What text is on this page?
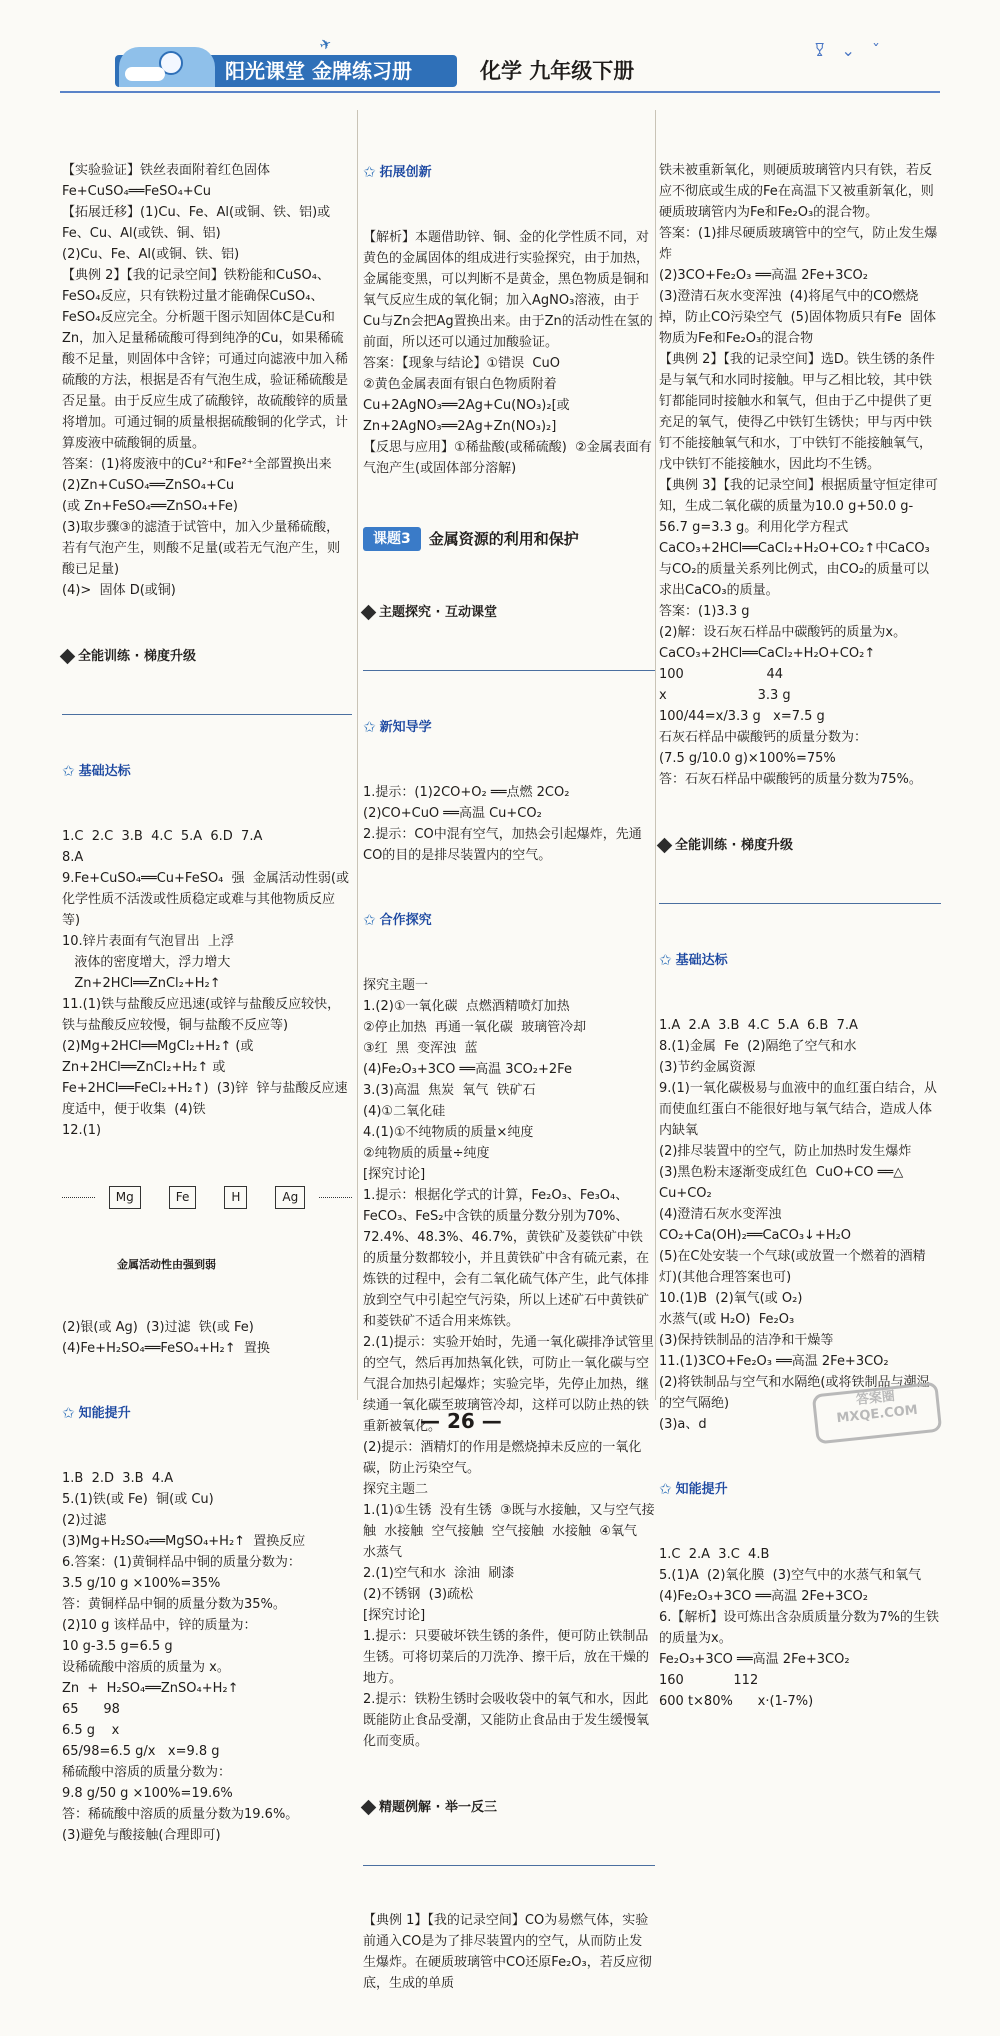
阳光课堂 金牌练习册
✈
化学 九年级下册
𐃯 ⌄ ˇ

【实验验证】铁丝表面附着红色固体
Fe+CuSO₄══FeSO₄+Cu
【拓展迁移】(1)Cu、Fe、Al(或铜、铁、铝)或 Fe、Cu、Al(或铁、铜、铝)
(2)Cu、Fe、Al(或铜、铁、铝)
【典例 2】【我的记录空间】铁粉能和CuSO₄、FeSO₄反应，只有铁粉过量才能确保CuSO₄、FeSO₄反应完全。分析题干图示知固体C是Cu和Zn，加入足量稀硫酸可得到纯净的Cu，如果稀硫酸不足量，则固体中含锌；可通过向滤液中加入稀硫酸的方法，根据是否有气泡生成，验证稀硫酸是否足量。由于反应生成了硫酸锌，故硫酸锌的质量将增加。可通过铜的质量根据硫酸铜的化学式，计算废液中硫酸铜的质量。
答案：(1)将废液中的Cu²⁺和Fe²⁺全部置换出来
(2)Zn+CuSO₄══ZnSO₄+Cu
(或 Zn+FeSO₄══ZnSO₄+Fe)
(3)取步骤③的滤渣于试管中，加入少量稀硫酸，若有气泡产生，则酸不足量(或若无气泡产生，则酸已足量)
(4)>  固体 D(或铜)

全能训练 · 梯度升级

✩ 基础达标

1.C  2.C  3.B  4.C  5.A  6.D  7.A
8.A
9.Fe+CuSO₄══Cu+FeSO₄  强  金属活动性弱(或化学性质不活泼或性质稳定或难与其他物质反应等)
10.锌片表面有气泡冒出  上浮
液体的密度增大，浮力增大
Zn+2HCl══ZnCl₂+H₂↑
11.(1)铁与盐酸反应迅速(或锌与盐酸反应较快，铁与盐酸反应较慢，铜与盐酸不反应等)  (2)Mg+2HCl══MgCl₂+H₂↑ (或 Zn+2HCl══ZnCl₂+H₂↑ 或 Fe+2HCl══FeCl₂+H₂↑)  (3)锌  锌与盐酸反应速度适中，便于收集  (4)铁
12.(1)

Mg	Fe	H	Ag

金属活动性由强到弱

(2)银(或 Ag)  (3)过滤  铁(或 Fe)
(4)Fe+H₂SO₄══FeSO₄+H₂↑  置换

✩ 知能提升

1.B  2.D  3.B  4.A
5.(1)铁(或 Fe)  铜(或 Cu)
(2)过滤
(3)Mg+H₂SO₄══MgSO₄+H₂↑  置换反应
6.答案：(1)黄铜样品中铜的质量分数为：
3.5 g/10 g ×100%=35%
答：黄铜样品中铜的质量分数为35%。
(2)10 g 该样品中，锌的质量为：
10 g-3.5 g=6.5 g
设稀硫酸中溶质的质量为 x。
Zn  +  H₂SO₄══ZnSO₄+H₂↑
65      98
6.5 g    x
65/98=6.5 g/x   x=9.8 g
稀硫酸中溶质的质量分数为：
9.8 g/50 g ×100%=19.6%
答：稀硫酸中溶质的质量分数为19.6%。
(3)避免与酸接触(合理即可)

✩ 拓展创新

【解析】本题借助锌、铜、金的化学性质不同，对黄色的金属固体的组成进行实验探究，由于加热，金属能变黑，可以判断不是黄金，黑色物质是铜和氧气反应生成的氧化铜；加入AgNO₃溶液，由于Cu与Zn会把Ag置换出来。由于Zn的活动性在氢的前面，所以还可以通过加酸验证。
答案：【现象与结论】①错误  CuO
②黄色金属表面有银白色物质附着  Cu+2AgNO₃══2Ag+Cu(NO₃)₂[或 Zn+2AgNO₃══2Ag+Zn(NO₃)₂]
【反思与应用】①稀盐酸(或稀硫酸)  ②金属表面有气泡产生(或固体部分溶解)

课题3	金属资源的利用和保护

主题探究 · 互动课堂

✩ 新知导学

1.提示：(1)2CO+O₂ ══点燃 2CO₂
(2)CO+CuO ══高温 Cu+CO₂
2.提示：CO中混有空气，加热会引起爆炸，先通CO的目的是排尽装置内的空气。

✩ 合作探究

探究主题一
1.(2)①一氧化碳  点燃酒精喷灯加热
②停止加热  再通一氧化碳  玻璃管冷却
③红  黑  变浑浊  蓝
(4)Fe₂O₃+3CO ══高温 3CO₂+2Fe
3.(3)高温  焦炭  氧气  铁矿石
(4)①二氧化硅
4.(1)①不纯物质的质量×纯度
②纯物质的质量÷纯度
[探究讨论]
1.提示：根据化学式的计算，Fe₂O₃、Fe₃O₄、FeCO₃、FeS₂中含铁的质量分数分别为70%、72.4%、48.3%、46.7%，黄铁矿及菱铁矿中铁的质量分数都较小，并且黄铁矿中含有硫元素，在炼铁的过程中，会有二氧化硫气体产生，此气体排放到空气中引起空气污染，所以上述矿石中黄铁矿和菱铁矿不适合用来炼铁。
2.(1)提示：实验开始时，先通一氧化碳排净试管里的空气，然后再加热氧化铁，可防止一氧化碳与空气混合加热引起爆炸；实验完毕，先停止加热，继续通一氧化碳至玻璃管冷却，这样可以防止热的铁重新被氧化。
(2)提示：酒精灯的作用是燃烧掉未反应的一氧化碳，防止污染空气。
探究主题二
1.(1)①生锈  没有生锈  ③既与水接触，又与空气接触  水接触  空气接触  空气接触  水接触  ④氧气  水蒸气
2.(1)空气和水  涂油  刷漆
(2)不锈钢  (3)疏松
[探究讨论]
1.提示：只要破坏铁生锈的条件，便可防止铁制品生锈。可将切菜后的刀洗净、擦干后，放在干燥的地方。
2.提示：铁粉生锈时会吸收袋中的氧气和水，因此既能防止食品受潮，又能防止食品由于发生缓慢氧化而变质。

精题例解 · 举一反三

【典例 1】【我的记录空间】CO为易燃气体，实验前通入CO是为了排尽装置内的空气，从而防止发生爆炸。在硬质玻璃管中CO还原Fe₂O₃，若反应彻底，生成的单质

铁未被重新氧化，则硬质玻璃管内只有铁，若反应不彻底或生成的Fe在高温下又被重新氧化，则硬质玻璃管内为Fe和Fe₂O₃的混合物。
答案：(1)排尽硬质玻璃管中的空气，防止发生爆炸
(2)3CO+Fe₂O₃ ══高温 2Fe+3CO₂
(3)澄清石灰水变浑浊  (4)将尾气中的CO燃烧掉，防止CO污染空气  (5)固体物质只有Fe  固体物质为Fe和Fe₂O₃的混合物
【典例 2】【我的记录空间】选D。铁生锈的条件是与氧气和水同时接触。甲与乙相比较，其中铁钉都能同时接触水和氧气，但由于乙中提供了更充足的氧气，使得乙中铁钉生锈快；甲与丙中铁钉不能接触氧气和水，丁中铁钉不能接触氧气，戊中铁钉不能接触水，因此均不生锈。
【典例 3】【我的记录空间】根据质量守恒定律可知，生成二氧化碳的质量为10.0 g+50.0 g-56.7 g=3.3 g。利用化学方程式CaCO₃+2HCl══CaCl₂+H₂O+CO₂↑中CaCO₃与CO₂的质量关系列比例式，由CO₂的质量可以求出CaCO₃的质量。
答案：(1)3.3 g
(2)解：设石灰石样品中碳酸钙的质量为x。
CaCO₃+2HCl══CaCl₂+H₂O+CO₂↑
100                    44
x                      3.3 g
100/44=x/3.3 g   x=7.5 g
石灰石样品中碳酸钙的质量分数为：
(7.5 g/10.0 g)×100%=75%
答：石灰石样品中碳酸钙的质量分数为75%。

全能训练 · 梯度升级

✩ 基础达标

1.A  2.A  3.B  4.C  5.A  6.B  7.A
8.(1)金属  Fe  (2)隔绝了空气和水
(3)节约金属资源
9.(1)一氧化碳极易与血液中的血红蛋白结合，从而使血红蛋白不能很好地与氧气结合，造成人体内缺氧
(2)排尽装置中的空气，防止加热时发生爆炸
(3)黑色粉末逐渐变成红色  CuO+CO ══△ Cu+CO₂
(4)澄清石灰水变浑浊
CO₂+Ca(OH)₂══CaCO₃↓+H₂O
(5)在C处安装一个气球(或放置一个燃着的酒精灯)(其他合理答案也可)
10.(1)B  (2)氧气(或 O₂)
水蒸气(或 H₂O)  Fe₂O₃
(3)保持铁制品的洁净和干燥等
11.(1)3CO+Fe₂O₃ ══高温 2Fe+3CO₂
(2)将铁制品与空气和水隔绝(或将铁制品与潮湿的空气隔绝)
(3)a、d

✩ 知能提升

1.C  2.A  3.C  4.B
5.(1)A  (2)氧化膜  (3)空气中的水蒸气和氧气  (4)Fe₂O₃+3CO ══高温 2Fe+3CO₂
6.【解析】设可炼出含杂质质量分数为7%的生铁的质量为x。
Fe₂O₃+3CO ══高温 2Fe+3CO₂
160            112
600 t×80%      x·(1-7%)

— 26 —
答案圈
MXQE.COM
